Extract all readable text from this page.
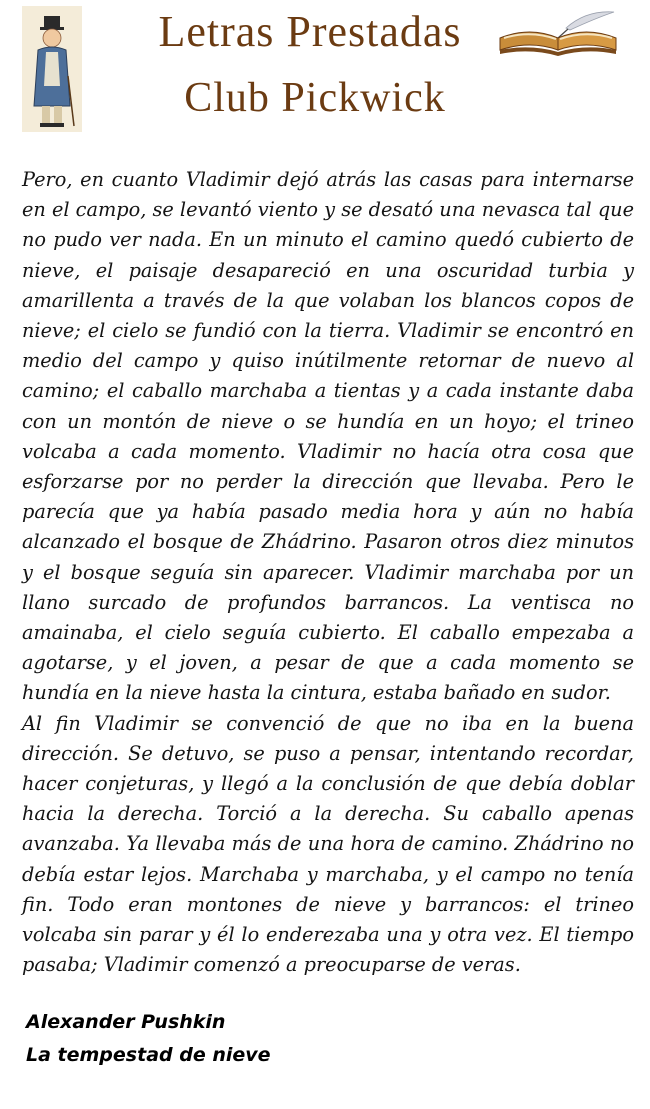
Letras Prestadas
Club Pickwick

Pero, en cuanto Vladimir dejó atrás las casas para internarse en el campo, se levantó viento y se desató una nevasca tal que no pudo ver nada. En un minuto el camino quedó cubierto de nieve, el paisaje desapareció en una oscuridad turbia y amarillenta a través de la que volaban los blancos copos de nieve; el cielo se fundió con la tierra. Vladimir se encontró en medio del campo y quiso inútilmente retornar de nuevo al camino; el caballo marchaba a tientas y a cada instante daba con un montón de nieve o se hundía en un hoyo; el trineo volcaba a cada momento. Vladimir no hacía otra cosa que esforzarse por no perder la dirección que llevaba. Pero le parecía que ya había pasado media hora y aún no había alcanzado el bosque de Zhádrino. Pasaron otros diez minutos y el bosque seguía sin aparecer. Vladimir marchaba por un llano surcado de profundos barrancos. La ventisca no amainaba, el cielo seguía cubierto. El caballo empezaba a agotarse, y el joven, a pesar de que a cada momento se hundía en la nieve hasta la cintura, estaba bañado en sudor.

Al fin Vladimir se convenció de que no iba en la buena dirección. Se detuvo, se puso a pensar, intentando recordar, hacer conjeturas, y llegó a la conclusión de que debía doblar hacia la derecha. Torció a la derecha. Su caballo apenas avanzaba. Ya llevaba más de una hora de camino. Zhádrino no debía estar lejos. Marchaba y marchaba, y el campo no tenía fin. Todo eran montones de nieve y barrancos: el trineo volcaba sin parar y él lo enderezaba una y otra vez. El tiempo pasaba; Vladimir comenzó a preocuparse de veras.

Alexander Pushkin
La tempestad de nieve
